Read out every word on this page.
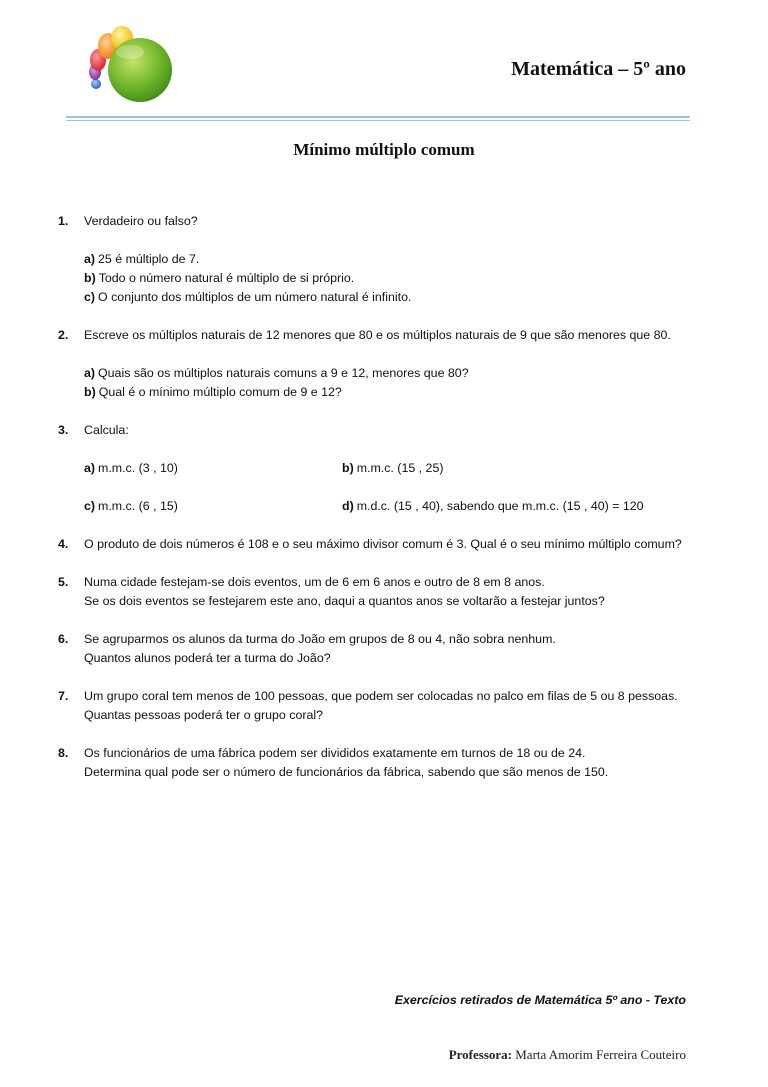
Matemática – 5º ano
Mínimo múltiplo comum
1. Verdadeiro ou falso?
a) 25 é múltiplo de 7.
b) Todo o número natural é múltiplo de si próprio.
c) O conjunto dos múltiplos de um número natural é infinito.
2. Escreve os múltiplos naturais de 12 menores que 80 e os múltiplos naturais de 9 que são menores que 80.
a) Quais são os múltiplos naturais comuns a 9 e 12, menores que 80?
b) Qual é o mínimo múltiplo comum de 9 e 12?
3. Calcula:
a) m.m.c. (3 , 10)	b) m.m.c. (15 , 25)
c) m.m.c. (6 , 15)	d) m.d.c. (15 , 40), sabendo que m.m.c. (15 , 40) = 120
4. O produto de dois números é 108 e o seu máximo divisor comum é 3. Qual é o seu mínimo múltiplo comum?
5. Numa cidade festejam-se dois eventos, um de 6 em 6 anos e outro de 8 em 8 anos.
Se os dois eventos se festejarem este ano, daqui a quantos anos se voltarão a festejar juntos?
6. Se agruparmos os alunos da turma do João em grupos de 8 ou 4, não sobra nenhum.
Quantos alunos poderá ter a turma do João?
7. Um grupo coral tem menos de 100 pessoas, que podem ser colocadas no palco em filas de 5 ou 8 pessoas.
Quantas pessoas poderá ter o grupo coral?
8. Os funcionários de uma fábrica podem ser divididos exatamente em turnos de 18 ou de 24.
Determina qual pode ser o número de funcionários da fábrica, sabendo que são menos de 150.
Exercícios retirados de Matemática 5º ano - Texto
Professora: Marta Amorim Ferreira Couteiro
